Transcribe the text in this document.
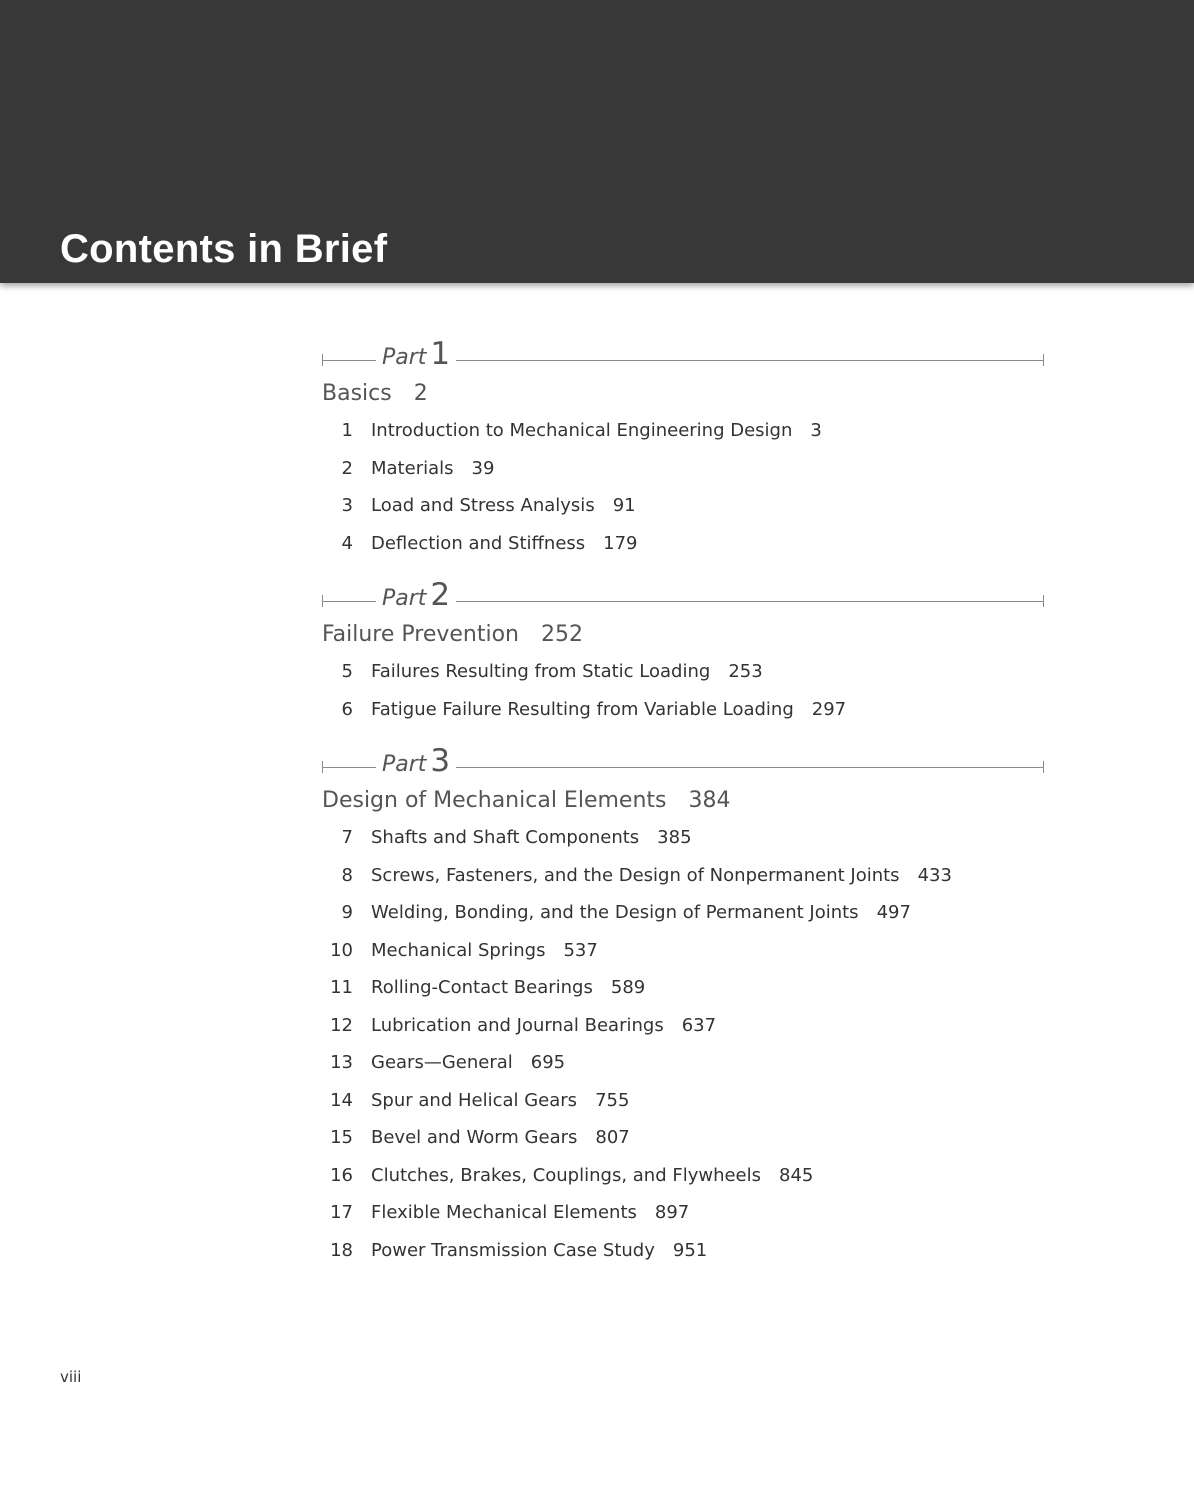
Contents in Brief
Part 1
Basics 2
1 Introduction to Mechanical Engineering Design 3
2 Materials 39
3 Load and Stress Analysis 91
4 Deflection and Stiffness 179
Part 2
Failure Prevention 252
5 Failures Resulting from Static Loading 253
6 Fatigue Failure Resulting from Variable Loading 297
Part 3
Design of Mechanical Elements 384
7 Shafts and Shaft Components 385
8 Screws, Fasteners, and the Design of Nonpermanent Joints 433
9 Welding, Bonding, and the Design of Permanent Joints 497
10 Mechanical Springs 537
11 Rolling-Contact Bearings 589
12 Lubrication and Journal Bearings 637
13 Gears—General 695
14 Spur and Helical Gears 755
15 Bevel and Worm Gears 807
16 Clutches, Brakes, Couplings, and Flywheels 845
17 Flexible Mechanical Elements 897
18 Power Transmission Case Study 951
viii
